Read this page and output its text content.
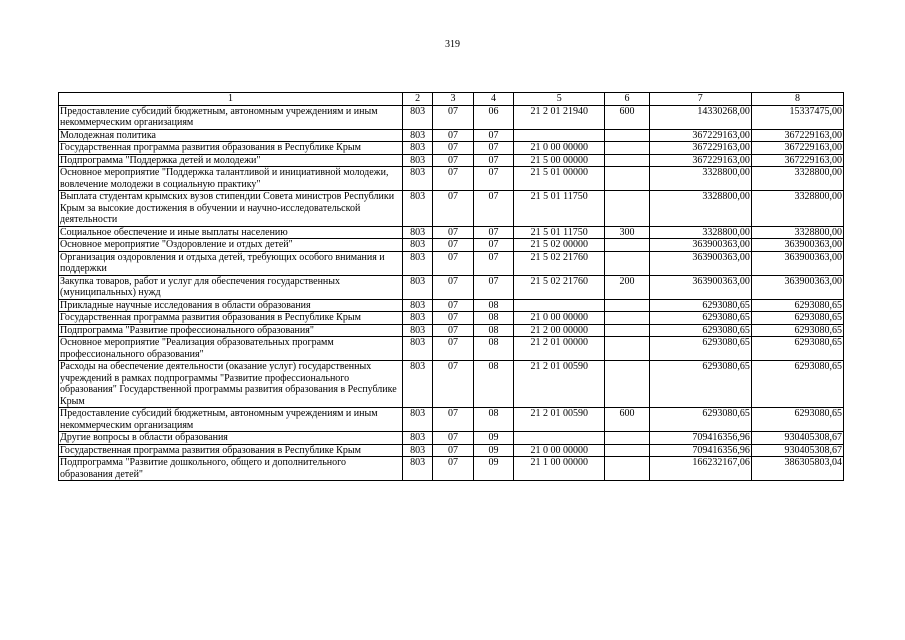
319
1	2	3	4	5	6	7	8
Предоставление субсидий бюджетным, автономным учреждениям и иным некоммерческим организациям	803	07	06	21 2 01 21940	600	14330268,00	15337475,00
Молодежная политика	803	07	07			367229163,00	367229163,00
Государственная программа развития образования в Республике Крым	803	07	07	21 0 00 00000		367229163,00	367229163,00
Подпрограмма "Поддержка детей и молодежи"	803	07	07	21 5 00 00000		367229163,00	367229163,00
Основное мероприятие "Поддержка талантливой и инициативной молодежи, вовлечение молодежи в социальную практику"	803	07	07	21 5 01 00000		3328800,00	3328800,00
Выплата студентам крымских вузов стипендии Совета министров Республики Крым за высокие достижения в обучении и научно-исследовательской деятельности	803	07	07	21 5 01 11750		3328800,00	3328800,00
Социальное обеспечение и иные выплаты населению	803	07	07	21 5 01 11750	300	3328800,00	3328800,00
Основное мероприятие "Оздоровление и отдых детей"	803	07	07	21 5 02 00000		363900363,00	363900363,00
Организация оздоровления и отдыха детей, требующих особого внимания и поддержки	803	07	07	21 5 02 21760		363900363,00	363900363,00
Закупка товаров, работ и услуг для обеспечения государственных (муниципальных) нужд	803	07	07	21 5 02 21760	200	363900363,00	363900363,00
Прикладные научные исследования в области образования	803	07	08			6293080,65	6293080,65
Государственная программа развития образования в Республике Крым	803	07	08	21 0 00 00000		6293080,65	6293080,65
Подпрограмма "Развитие профессионального образования"	803	07	08	21 2 00 00000		6293080,65	6293080,65
Основное мероприятие "Реализация образовательных программ профессионального образования"	803	07	08	21 2 01 00000		6293080,65	6293080,65
Расходы на обеспечение деятельности (оказание услуг) государственных учреждений в рамках подпрограммы "Развитие профессионального образования" Государственной программы развития образования в Республике Крым	803	07	08	21 2 01 00590		6293080,65	6293080,65
Предоставление субсидий бюджетным, автономным учреждениям и иным некоммерческим организациям	803	07	08	21 2 01 00590	600	6293080,65	6293080,65
Другие вопросы в области образования	803	07	09			709416356,96	930405308,67
Государственная программа развития образования в Республике Крым	803	07	09	21 0 00 00000		709416356,96	930405308,67
Подпрограмма "Развитие дошкольного, общего и дополнительного образования детей"	803	07	09	21 1 00 00000		166232167,06	386305803,04
